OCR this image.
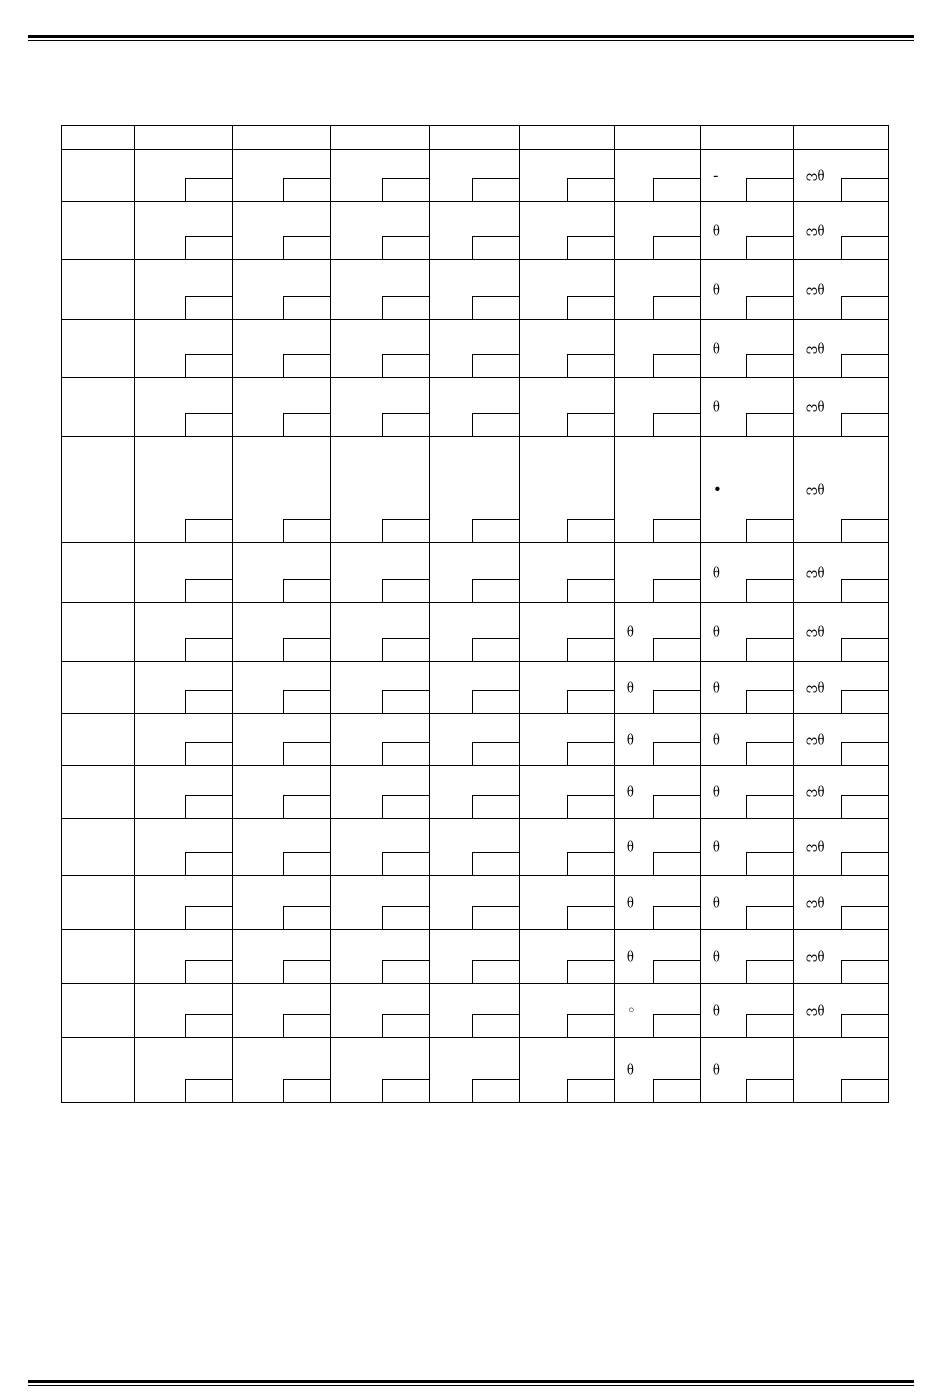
							-	ᦂᦲ

							ᦲ	ᦂᦲ

							ᦲ	ᦂᦲ

							ᦲ	ᦂᦲ

							ᦲ	ᦂᦲ

							•	ᦂᦲ

							ᦲ	ᦂᦲ

						ᦲ	ᦲ	ᦂᦲ

						ᦲ	ᦲ	ᦂᦲ

						ᦲ	ᦲ	ᦂᦲ

						ᦲ	ᦲ	ᦂᦲ

						ᦲ	ᦲ	ᦂᦲ

						ᦲ	ᦲ	ᦂᦲ

						ᦲ	ᦲ	ᦂᦲ

						◦	ᦲ	ᦂᦲ

						ᦲ	ᦲ	
